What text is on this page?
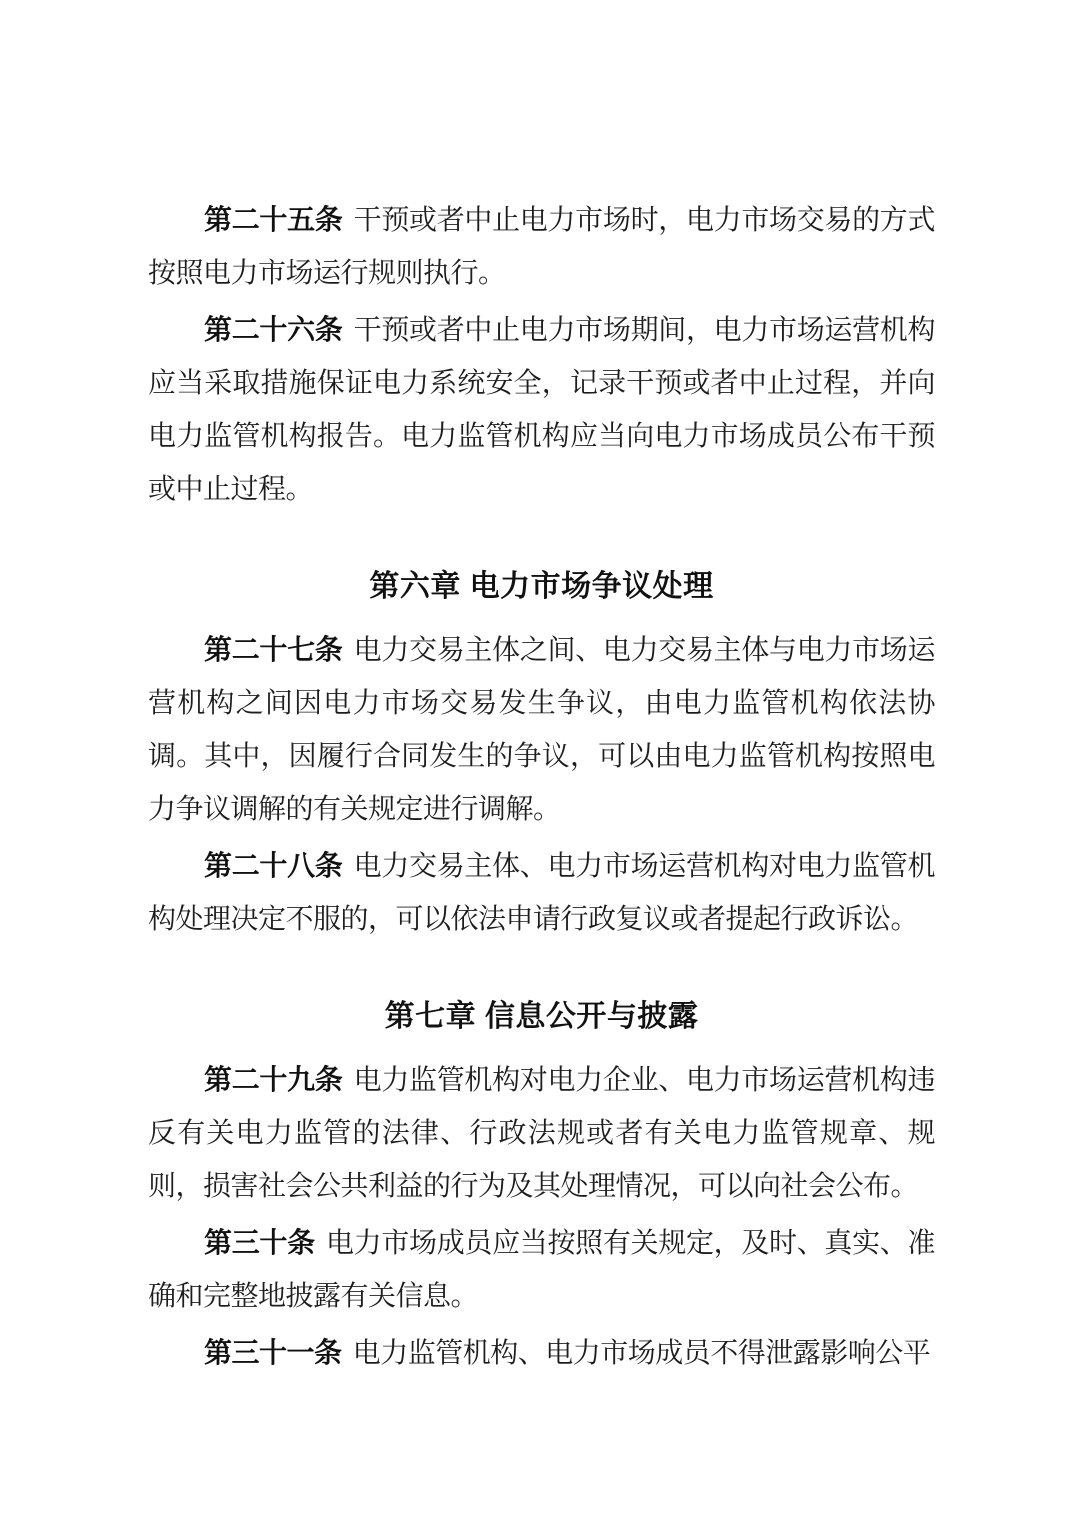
第二十五条 干预或者中止电力市场时，电力市场交易的方式按照电力市场运行规则执行。

第二十六条 干预或者中止电力市场期间，电力市场运营机构应当采取措施保证电力系统安全，记录干预或者中止过程，并向电力监管机构报告。电力监管机构应当向电力市场成员公布干预或中止过程。

第六章 电力市场争议处理

第二十七条 电力交易主体之间、电力交易主体与电力市场运营机构之间因电力市场交易发生争议，由电力监管机构依法协调。其中，因履行合同发生的争议，可以由电力监管机构按照电力争议调解的有关规定进行调解。

第二十八条 电力交易主体、电力市场运营机构对电力监管机构处理决定不服的，可以依法申请行政复议或者提起行政诉讼。

第七章 信息公开与披露

第二十九条 电力监管机构对电力企业、电力市场运营机构违反有关电力监管的法律、行政法规或者有关电力监管规章、规则，损害社会公共利益的行为及其处理情况，可以向社会公布。

第三十条 电力市场成员应当按照有关规定，及时、真实、准确和完整地披露有关信息。

第三十一条 电力监管机构、电力市场成员不得泄露影响公平
